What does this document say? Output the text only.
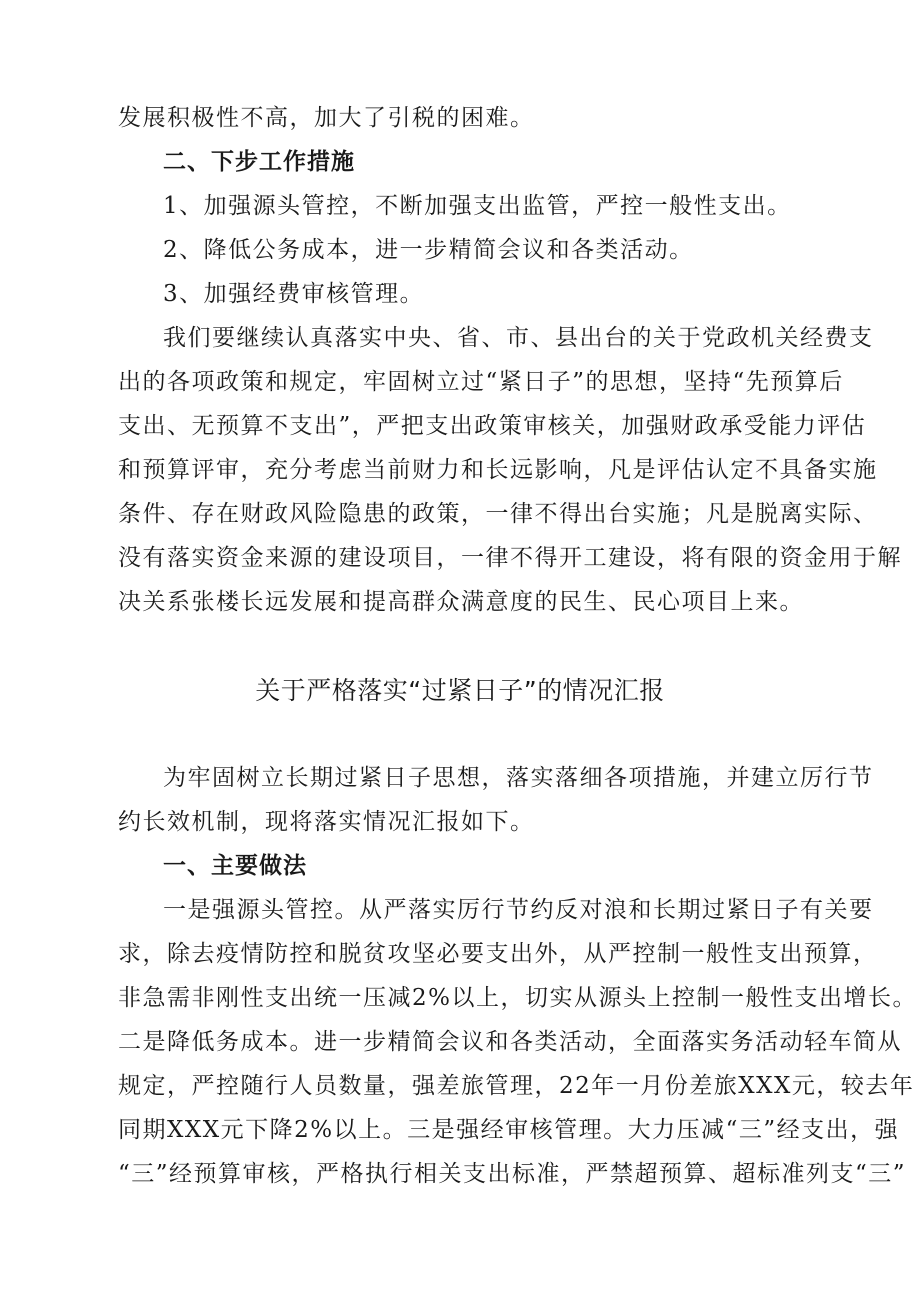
发展积极性不高，加大了引税的困难。
二、下步工作措施
1、加强源头管控，不断加强支出监管，严控一般性支出。
2、降低公务成本，进一步精简会议和各类活动。
3、加强经费审核管理。
我们要继续认真落实中央、省、市、县出台的关于党政机关经费支
出的各项政策和规定，牢固树立过“紧日子”的思想，坚持“先预算后
支出、无预算不支出”，严把支出政策审核关，加强财政承受能力评估
和预算评审，充分考虑当前财力和长远影响，凡是评估认定不具备实施
条件、存在财政风险隐患的政策，一律不得出台实施；凡是脱离实际、
没有落实资金来源的建设项目，一律不得开工建设，将有限的资金用于解
决关系张楼长远发展和提高群众满意度的民生、民心项目上来。
关于严格落实“过紧日子”的情况汇报
为牢固树立长期过紧日子思想，落实落细各项措施，并建立厉行节
约长效机制，现将落实情况汇报如下。
一、主要做法
一是强源头管控。从严落实厉行节约反对浪和长期过紧日子有关要
求，除去疫情防控和脱贫攻坚必要支出外，从严控制一般性支出预算，
非急需非刚性支出统一压减2%以上，切实从源头上控制一般性支出增长。
二是降低务成本。进一步精简会议和各类活动，全面落实务活动轻车简从
规定，严控随行人员数量，强差旅管理，22年一月份差旅XXX元，较去年
同期XXX元下降2%以上。三是强经审核管理。大力压减“三”经支出，强
“三”经预算审核，严格执行相关支出标准，严禁超预算、超标准列支“三”
